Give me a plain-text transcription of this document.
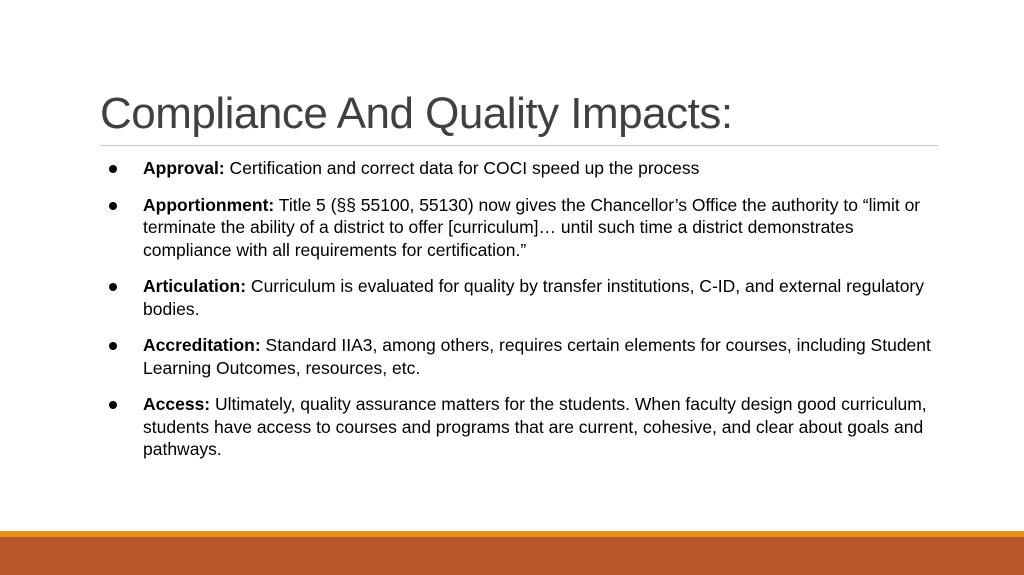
Compliance And Quality Impacts:
Approval: Certification and correct data for COCI speed up the process
Apportionment: Title 5 (§§ 55100, 55130) now gives the Chancellor’s Office the authority to “limit or terminate the ability of a district to offer [curriculum]… until such time a district demonstrates compliance with all requirements for certification.”
Articulation: Curriculum is evaluated for quality by transfer institutions, C-ID, and external regulatory bodies.
Accreditation: Standard IIA3, among others, requires certain elements for courses, including Student Learning Outcomes, resources, etc.
Access: Ultimately, quality assurance matters for the students. When faculty design good curriculum, students have access to courses and programs that are current, cohesive, and clear about goals and pathways.
